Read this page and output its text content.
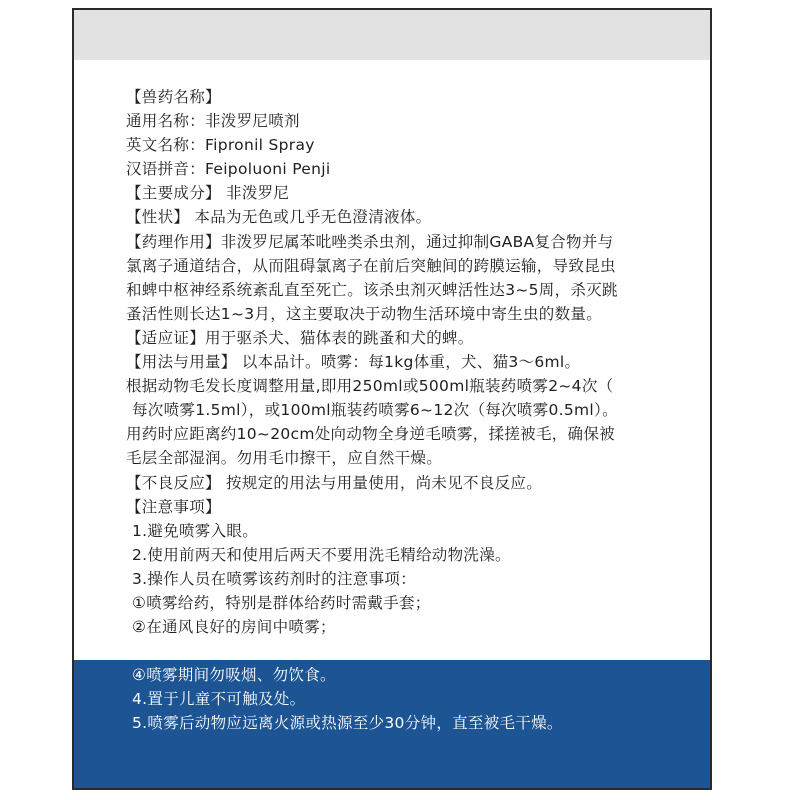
【兽药名称】
通用名称：非泼罗尼喷剂
英文名称：Fipronil Spray
汉语拼音：Feipoluoni Penji
【主要成分】 非泼罗尼
【性状】 本品为无色或几乎无色澄清液体。
【药理作用】非泼罗尼属苯吡唑类杀虫剂，通过抑制GABA复合物并与
氯离子通道结合，从而阻碍氯离子在前后突触间的跨膜运输，导致昆虫
和蜱中枢神经系统紊乱直至死亡。该杀虫剂灭蜱活性达3~5周，杀灭跳
蚤活性则长达1~3月，这主要取决于动物生活环境中寄生虫的数量。
【适应证】用于驱杀犬、猫体表的跳蚤和犬的蜱。
【用法与用量】 以本品计。喷雾：每1kg体重，犬、猫3～6ml。
根据动物毛发长度调整用量,即用250ml或500ml瓶装药喷雾2~4次（
每次喷雾1.5ml），或100ml瓶装药喷雾6~12次（每次喷雾0.5ml）。
用药时应距离约10~20cm处向动物全身逆毛喷雾，揉搓被毛，确保被
毛层全部湿润。勿用毛巾擦干，应自然干燥。
【不良反应】 按规定的用法与用量使用，尚未见不良反应。
【注意事项】
1.避免喷雾入眼。
2.使用前两天和使用后两天不要用洗毛精给动物洗澡。
3.操作人员在喷雾该药剂时的注意事项：
①喷雾给药，特别是群体给药时需戴手套；
②在通风良好的房间中喷雾；
③喷雾完毕后洗手；
④喷雾期间勿吸烟、勿饮食。
4.置于儿童不可触及处。
5.喷雾后动物应远离火源或热源至少30分钟，直至被毛干燥。
